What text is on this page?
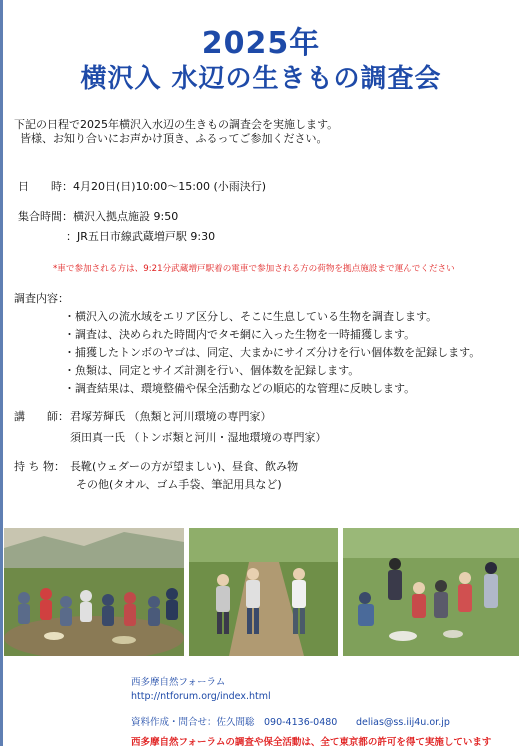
2025年
横沢入 水辺の生きもの調査会
下記の日程で2025年横沢入水辺の生きもの調査会を実施します。
皆様、お知り合いにお声かけ頂き、ふるってご参加ください。
日　　時：4月20日(日)10:00～15:00 (小雨決行)
集合時間：横沢入拠点施設 9:50
：JR五日市線武蔵増戸駅 9:30
*車で参加される方は、9:21分武蔵増戸駅着の電車で参加される方の荷物を拠点施設まで運んでください
調査内容：
・横沢入の流水域をエリア区分し、そこに生息している生物を調査します。
・調査は、決められた時間内でタモ網に入った生物を一時捕獲します。
・捕獲したトンボのヤゴは、同定、大まかにサイズ分けを行い個体数を記録します。
・魚類は、同定とサイズ計測を行い、個体数を記録します。
・調査結果は、環境整備や保全活動などの順応的な管理に反映します。
講　　師： 君塚芳輝氏 （魚類と河川環境の専門家）
須田真一氏 （トンボ類と河川・湿地環境の専門家）
持 ち 物： 長靴(ウェダーの方が望ましい)、昼食、飲み物
その他(タオル、ゴム手袋、筆記用具など)
西多摩自然フォーラム
http://ntforum.org/index.html
資料作成・問合せ：佐久間聡　090-4136-0480 delias@ss.iij4u.or.jp
西多摩自然フォーラムの調査や保全活動は、全て東京都の許可を得て実施しています
